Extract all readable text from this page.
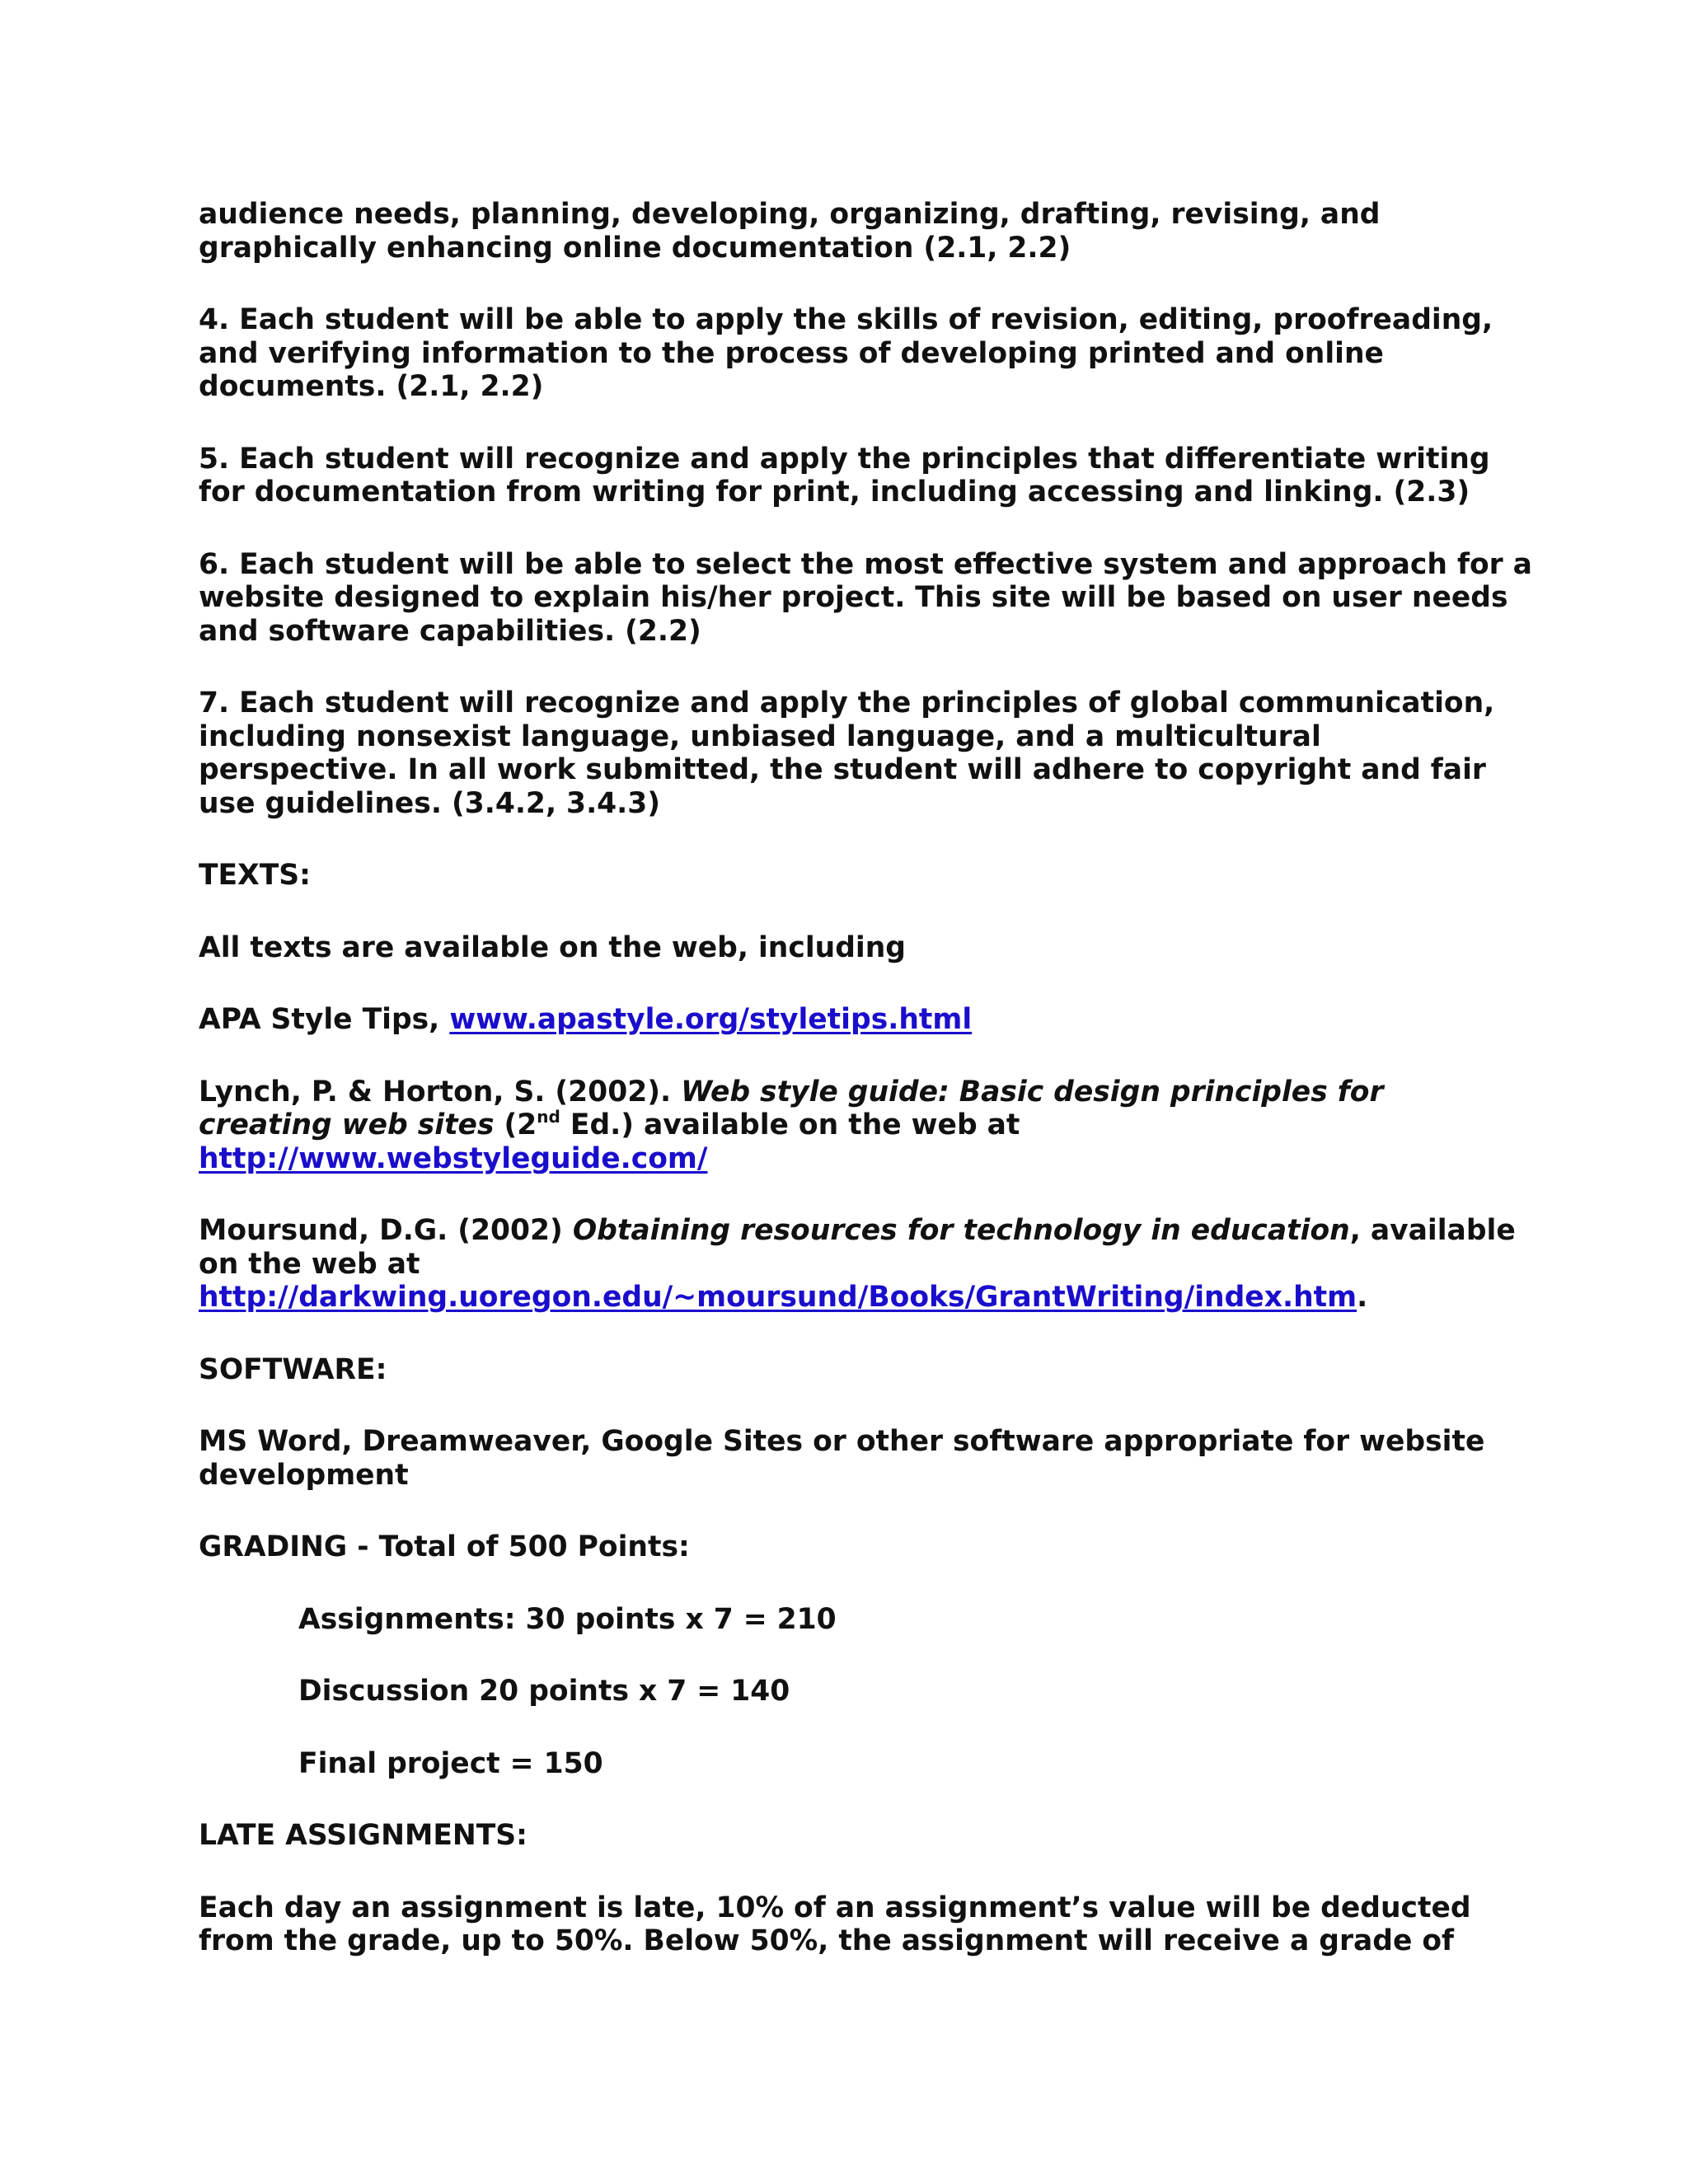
audience needs, planning, developing, organizing, drafting, revising, and
graphically enhancing online documentation (2.1, 2.2)

4. Each student will be able to apply the skills of revision, editing, proofreading,
and verifying information to the process of developing printed and online
documents. (2.1, 2.2)

5. Each student will recognize and apply the principles that differentiate writing
for documentation from writing for print, including accessing and linking. (2.3)

6. Each student will be able to select the most effective system and approach for a
website designed to explain his/her project. This site will be based on user needs
and software capabilities. (2.2)

7. Each student will recognize and apply the principles of global communication,
including nonsexist language, unbiased language, and a multicultural
perspective. In all work submitted, the student will adhere to copyright and fair
use guidelines. (3.4.2, 3.4.3)

TEXTS:

All texts are available on the web, including

APA Style Tips, www.apastyle.org/styletips.html

Lynch, P. & Horton, S. (2002). Web style guide: Basic design principles for
creating web sites (2nd Ed.) available on the web at
http://www.webstyleguide.com/

Moursund, D.G. (2002) Obtaining resources for technology in education, available
on the web at
http://darkwing.uoregon.edu/~moursund/Books/GrantWriting/index.htm.

SOFTWARE:

MS Word, Dreamweaver, Google Sites or other software appropriate for website
development

GRADING - Total of 500 Points:

Assignments: 30 points x 7 = 210

Discussion 20 points x 7 = 140

Final project = 150

LATE ASSIGNMENTS:

Each day an assignment is late, 10% of an assignment’s value will be deducted
from the grade, up to 50%. Below 50%, the assignment will receive a grade of
